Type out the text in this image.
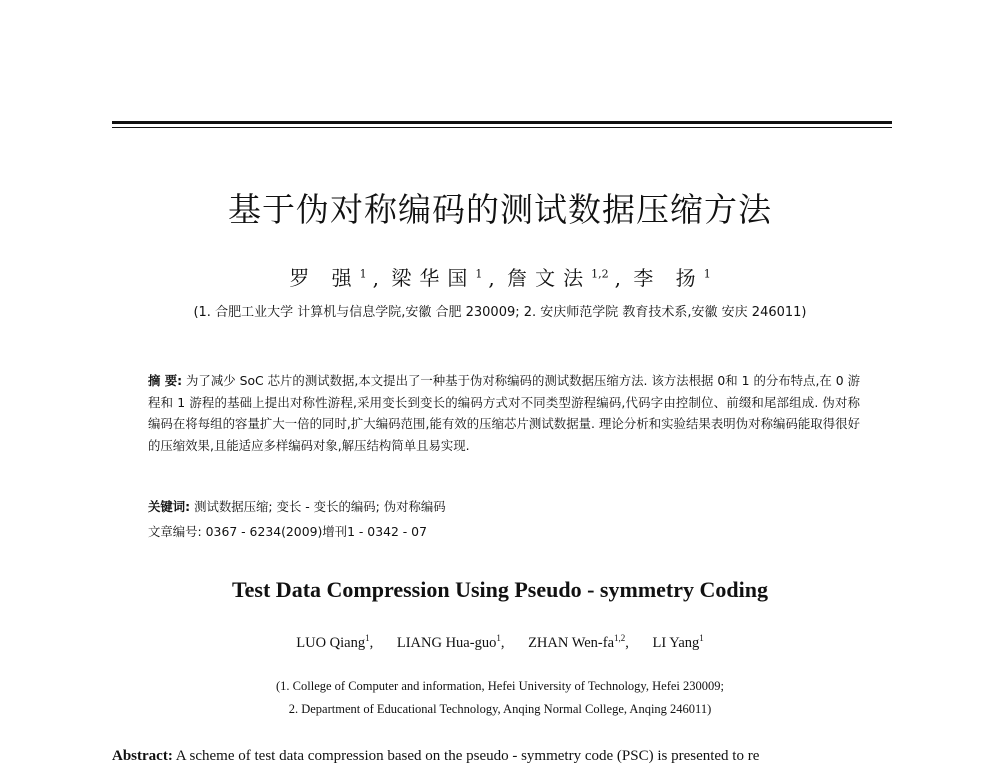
基于伪对称编码的测试数据压缩方法
罗 强$^1$ , 梁华国$^1$ , 詹文法$^{1,2}$ , 李 扬$^1$
(1. 合肥工业大学 计算机与信息学院,安徽 合肥 230009; 2. 安庆师范学院 教育技术系,安徽 安庆 246011)
摘 要: 为了减少 SoC 芯片的测试数据,本文提出了一种基于伪对称编码的测试数据压缩方法. 该方法根据 0和 1 的分布特点,在 0 游程和 1 游程的基础上提出对称性游程,采用变长到变长的编码方式对不同类型游程编码,代码字由控制位、前缀和尾部组成. 伪对称编码在将每组的容量扩大一倍的同时,扩大编码范围,能有效的压缩芯片测试数据量. 理论分析和实验结果表明伪对称编码能取得很好的压缩效果,且能适应多样编码对象,解压结构简单且易实现.
关键词: 测试数据压缩; 变长 - 变长的编码; 伪对称编码
文章编号: 0367 - 6234(2009)增刊1 - 0342 - 07
Test Data Compression Using Pseudo - symmetry Coding
LUO Qiang$^1$, LIANG Hua-guo$^1$, ZHAN Wen-fa$^{1,2}$, LI Yang$^1$
(1. College of Computer and information, Hefei University of Technology, Hefei 230009;
2. Department of Educational Technology, Anqing Normal College, Anqing 246011)
Abstract: A scheme of test data compression based on the pseudo - symmetry code (PSC) is presented to re
